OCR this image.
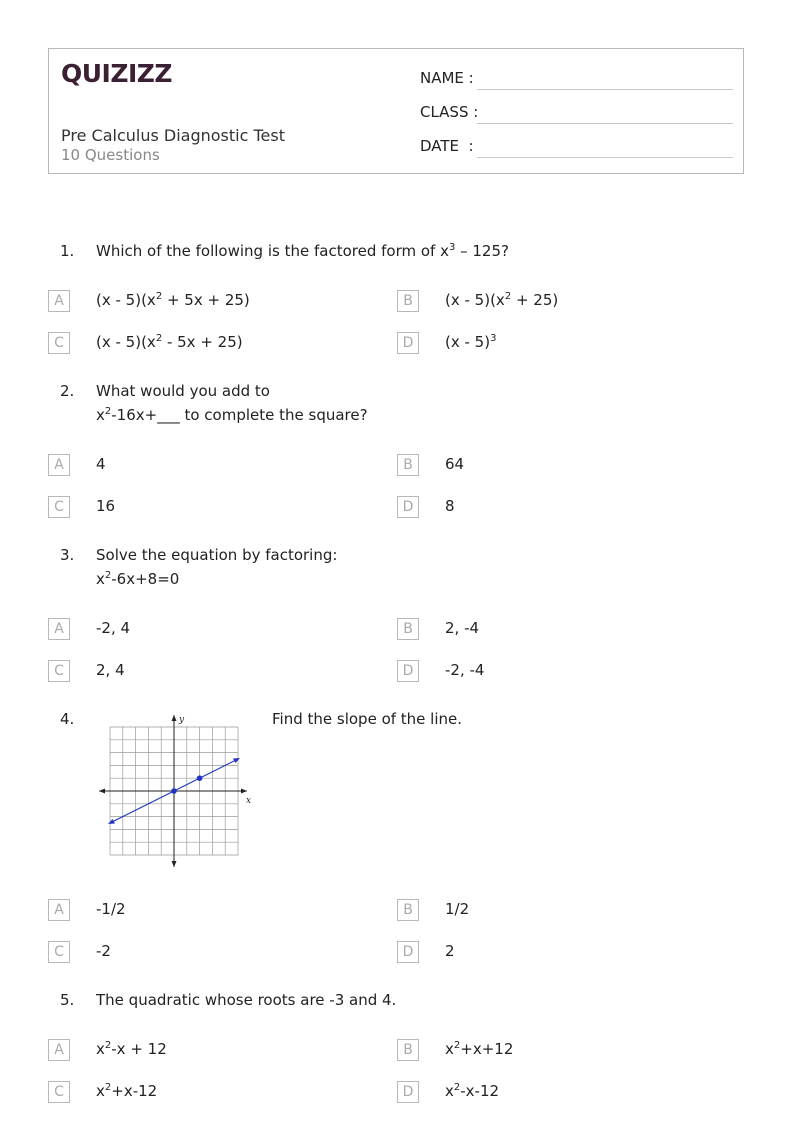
QUIZIZZ
Pre Calculus Diagnostic Test
10 Questions
NAME :
CLASS :
DATE  :
1. Which of the following is the factored form of $x^3 - 125$?
A	$(x - 5)(x^2 + 5x + 25)$	B	$(x - 5)(x^2 + 25)$
C	$(x - 5)(x^2 - 5x + 25)$	D	(x - 5)$^3$
2. What would you add to
$x^2-16x+\_\_\_$ to complete the square?
A	4	B	64
C	16	D	8
3. Solve the equation by factoring:
$x^2-6x+8=0$
A	-2, 4	B	2, -4
C	2, 4	D	-2, -4
4.	Find the slope of the line.
x
y
A	-1/2	B	1/2
C	-2	D	2
5. The quadratic whose roots are -3 and 4.
A	$x^2-x + 12$	B	$x^2+x+12$
C	$x^2+x-12$	D	$x^2-x-12$
